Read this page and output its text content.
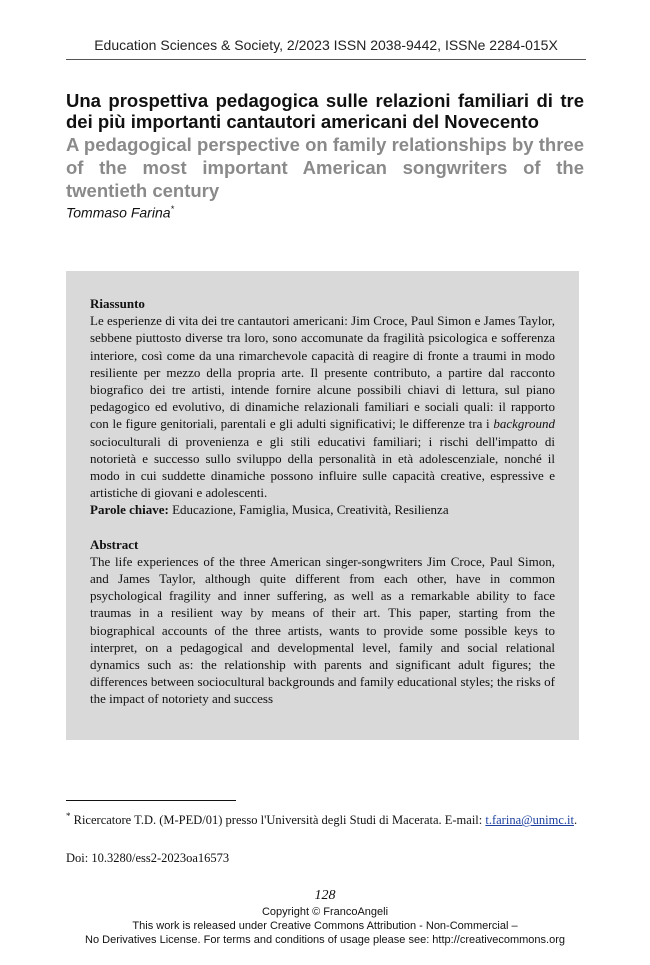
Education Sciences & Society, 2/2023 ISSN 2038-9442, ISSNe 2284-015X
Una prospettiva pedagogica sulle relazioni familiari di tre dei più importanti cantautori americani del Novecento
A pedagogical perspective on family relationships by three of the most important American songwriters of the twentieth century
Tommaso Farina*
Riassunto
Le esperienze di vita dei tre cantautori americani: Jim Croce, Paul Simon e James Taylor, sebbene piuttosto diverse tra loro, sono accomunate da fragilità psicologica e sofferenza interiore, così come da una rimarchevole capacità di reagire di fronte a traumi in modo resiliente per mezzo della propria arte. Il presente contributo, a partire dal racconto biografico dei tre artisti, intende fornire alcune possibili chiavi di lettura, sul piano pedagogico ed evolutivo, di dinamiche relazionali familiari e sociali quali: il rapporto con le figure genitoriali, parentali e gli adulti significativi; le differenze tra i background socioculturali di provenienza e gli stili educativi familiari; i rischi dell'impatto di notorietà e successo sullo sviluppo della personalità in età adolescenziale, nonché il modo in cui suddette dinamiche possono influire sulle capacità creative, espressive e artistiche di giovani e adolescenti.
Parole chiave: Educazione, Famiglia, Musica, Creatività, Resilienza
Abstract
The life experiences of the three American singer-songwriters Jim Croce, Paul Simon, and James Taylor, although quite different from each other, have in common psychological fragility and inner suffering, as well as a remarkable ability to face traumas in a resilient way by means of their art. This paper, starting from the biographical accounts of the three artists, wants to provide some possible keys to interpret, on a pedagogical and developmental level, family and social relational dynamics such as: the relationship with parents and significant adult figures; the differences between sociocultural backgrounds and family educational styles; the risks of the impact of notoriety and success
* Ricercatore T.D. (M-PED/01) presso l'Università degli Studi di Macerata. E-mail: t.farina@unimc.it.
Doi: 10.3280/ess2-2023oa16573
128
Copyright © FrancoAngeli
This work is released under Creative Commons Attribution - Non-Commercial –
No Derivatives License. For terms and conditions of usage please see: http://creativecommons.org
